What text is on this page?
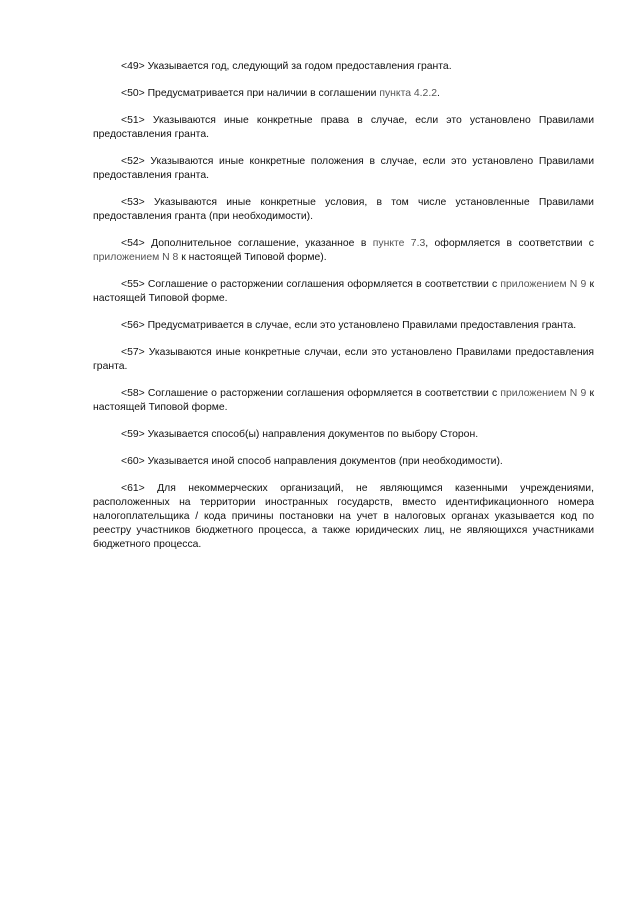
<49> Указывается год, следующий за годом предоставления гранта.

<50> Предусматривается при наличии в соглашении пункта 4.2.2.

<51> Указываются иные конкретные права в случае, если это установлено Правилами предоставления гранта.

<52> Указываются иные конкретные положения в случае, если это установлено Правилами предоставления гранта.

<53> Указываются иные конкретные условия, в том числе установленные Правилами предоставления гранта (при необходимости).

<54> Дополнительное соглашение, указанное в пункте 7.3, оформляется в соответствии с приложением N 8 к настоящей Типовой форме).

<55> Соглашение о расторжении соглашения оформляется в соответствии с приложением N 9 к настоящей Типовой форме.

<56> Предусматривается в случае, если это установлено Правилами предоставления гранта.

<57> Указываются иные конкретные случаи, если это установлено Правилами предоставления гранта.

<58> Соглашение о расторжении соглашения оформляется в соответствии с приложением N 9 к настоящей Типовой форме.

<59> Указывается способ(ы) направления документов по выбору Сторон.

<60> Указывается иной способ направления документов (при необходимости).

<61> Для некоммерческих организаций, не являющимся казенными учреждениями, расположенных на территории иностранных государств, вместо идентификационного номера налогоплательщика / кода причины постановки на учет в налоговых органах указывается код по реестру участников бюджетного процесса, а также юридических лиц, не являющихся участниками бюджетного процесса.
